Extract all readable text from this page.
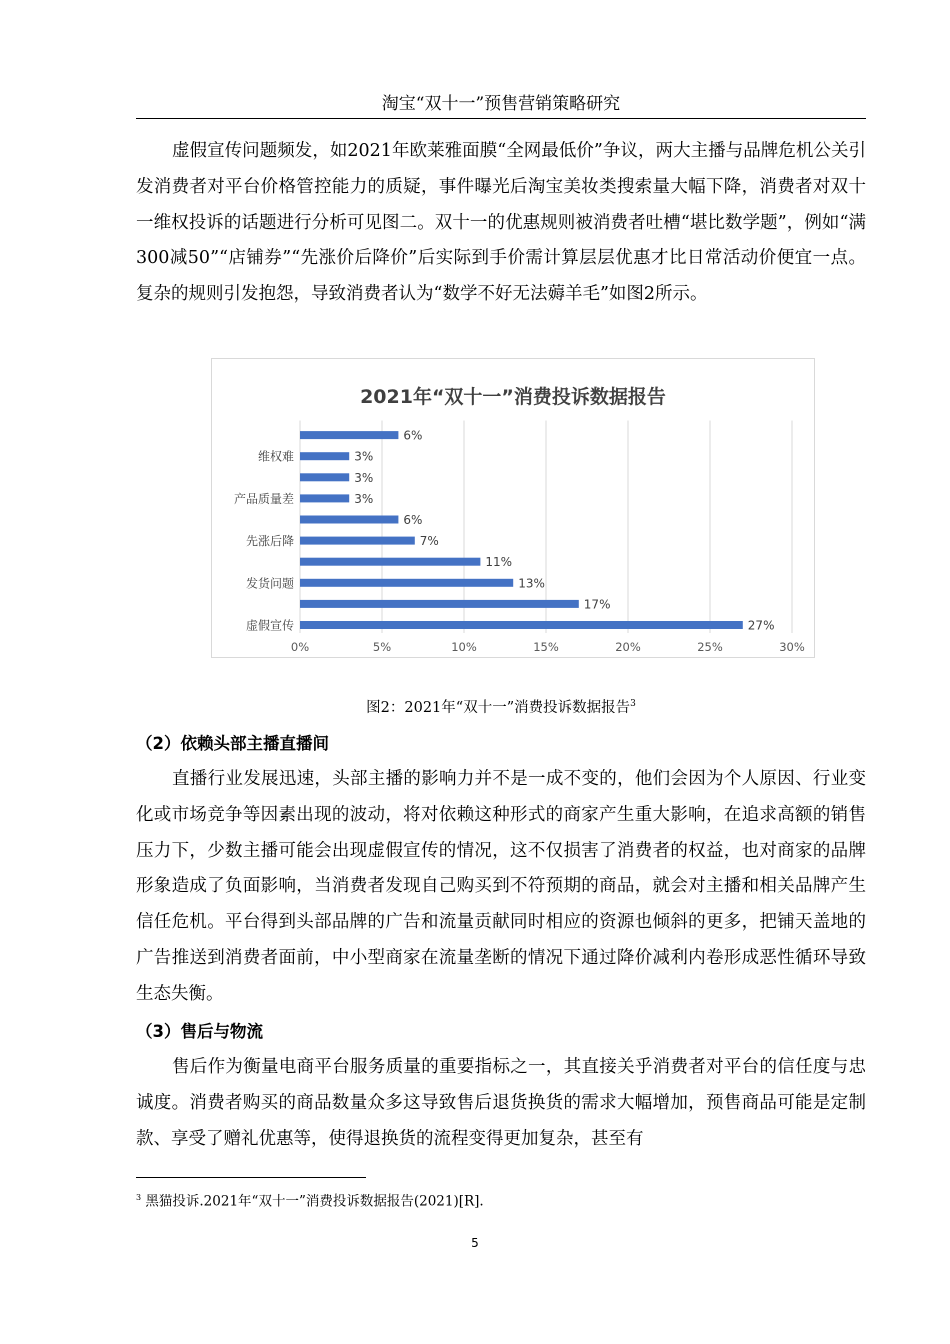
淘宝“双十一”预售营销策略研究

虚假宣传问题频发，如2021年欧莱雅面膜“全网最低价”争议，两大主播与品牌危机公关引发消费者对平台价格管控能力的质疑，事件曝光后淘宝美妆类搜索量大幅下降，消费者对双十一维权投诉的话题进行分析可见图二。双十一的优惠规则被消费者吐槽“堪比数学题”，例如“满300减50”“店铺券”“先涨价后降价”后实际到手价需计算层层优惠才比日常活动价便宜一点。复杂的规则引发抱怨，导致消费者认为“数学不好无法薅羊毛”如图2所示。

2021年“双十一”消费投诉数据报告
27%
虚假宣传
17%
13%
发货问题
11%
7%
先涨后降
6%
3%
产品质量差
3%
3%
维权难
6%
0%	5%	10%	15%	20%	25%	30%
图2：2021年“双十一”消费投诉数据报告$^3$

（2）依赖头部主播直播间

直播行业发展迅速，头部主播的影响力并不是一成不变的，他们会因为个人原因、行业变化或市场竞争等因素出现的波动，将对依赖这种形式的商家产生重大影响，在追求高额的销售压力下，少数主播可能会出现虚假宣传的情况，这不仅损害了消费者的权益，也对商家的品牌形象造成了负面影响，当消费者发现自己购买到不符预期的商品，就会对主播和相关品牌产生信任危机。平台得到头部品牌的广告和流量贡献同时相应的资源也倾斜的更多，把铺天盖地的广告推送到消费者面前，中小型商家在流量垄断的情况下通过降价减利内卷形成恶性循环导致生态失衡。

（3）售后与物流

售后作为衡量电商平台服务质量的重要指标之一，其直接关乎消费者对平台的信任度与忠诚度。消费者购买的商品数量众多这导致售后退货换货的需求大幅增加，预售商品可能是定制款、享受了赠礼优惠等，使得退换货的流程变得更加复杂，甚至有

$^3$ 黑猫投诉.2021年“双十一”消费投诉数据报告(2021)[R].
5
